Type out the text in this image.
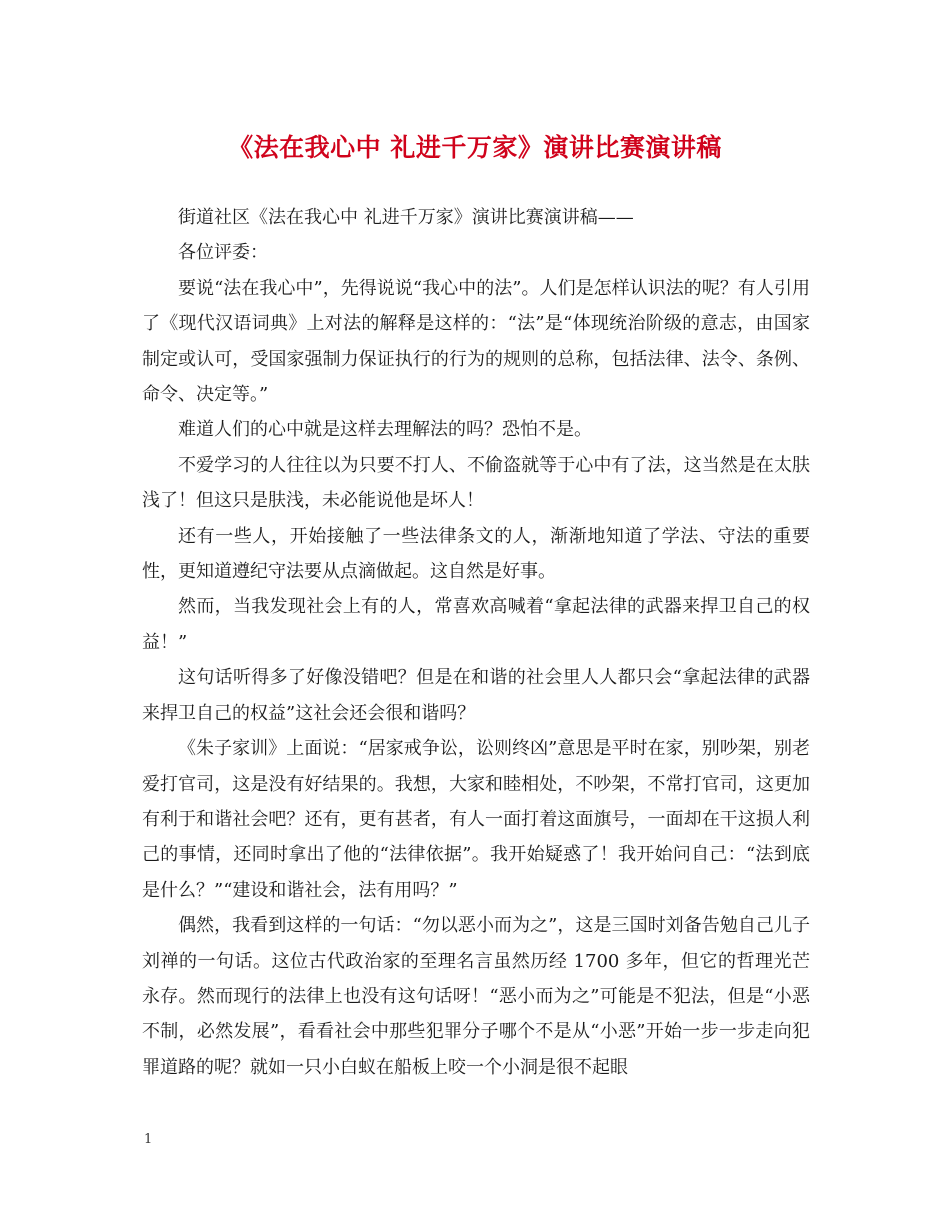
《法在我心中 礼进千万家》演讲比赛演讲稿

街道社区《法在我心中 礼进千万家》演讲比赛演讲稿——

各位评委：

要说“法在我心中”，先得说说“我心中的法”。人们是怎样认识法的呢？有人引用了《现代汉语词典》上对法的解释是这样的：“法”是“体现统治阶级的意志，由国家制定或认可，受国家强制力保证执行的行为的规则的总称，包括法律、法令、条例、命令、决定等。”

难道人们的心中就是这样去理解法的吗？恐怕不是。

不爱学习的人往往以为只要不打人、不偷盗就等于心中有了法，这当然是在太肤浅了！但这只是肤浅，未必能说他是坏人！

还有一些人，开始接触了一些法律条文的人，渐渐地知道了学法、守法的重要性，更知道遵纪守法要从点滴做起。这自然是好事。

然而，当我发现社会上有的人，常喜欢高喊着“拿起法律的武器来捍卫自己的权益！”

这句话听得多了好像没错吧？但是在和谐的社会里人人都只会“拿起法律的武器来捍卫自己的权益”这社会还会很和谐吗？

《朱子家训》上面说：“居家戒争讼，讼则终凶”意思是平时在家，别吵架，别老爱打官司，这是没有好结果的。我想，大家和睦相处，不吵架，不常打官司，这更加有利于和谐社会吧？还有，更有甚者，有人一面打着这面旗号，一面却在干这损人利己的事情，还同时拿出了他的“法律依据”。我开始疑惑了！我开始问自己：“法到底是什么？”“建设和谐社会，法有用吗？”

偶然，我看到这样的一句话：“勿以恶小而为之”，这是三国时刘备告勉自己儿子刘禅的一句话。这位古代政治家的至理名言虽然历经 1700 多年，但它的哲理光芒永存。然而现行的法律上也没有这句话呀！“恶小而为之”可能是不犯法，但是“小恶不制，必然发展”，看看社会中那些犯罪分子哪个不是从“小恶”开始一步一步走向犯罪道路的呢？就如一只小白蚁在船板上咬一个小洞是很不起眼

1
